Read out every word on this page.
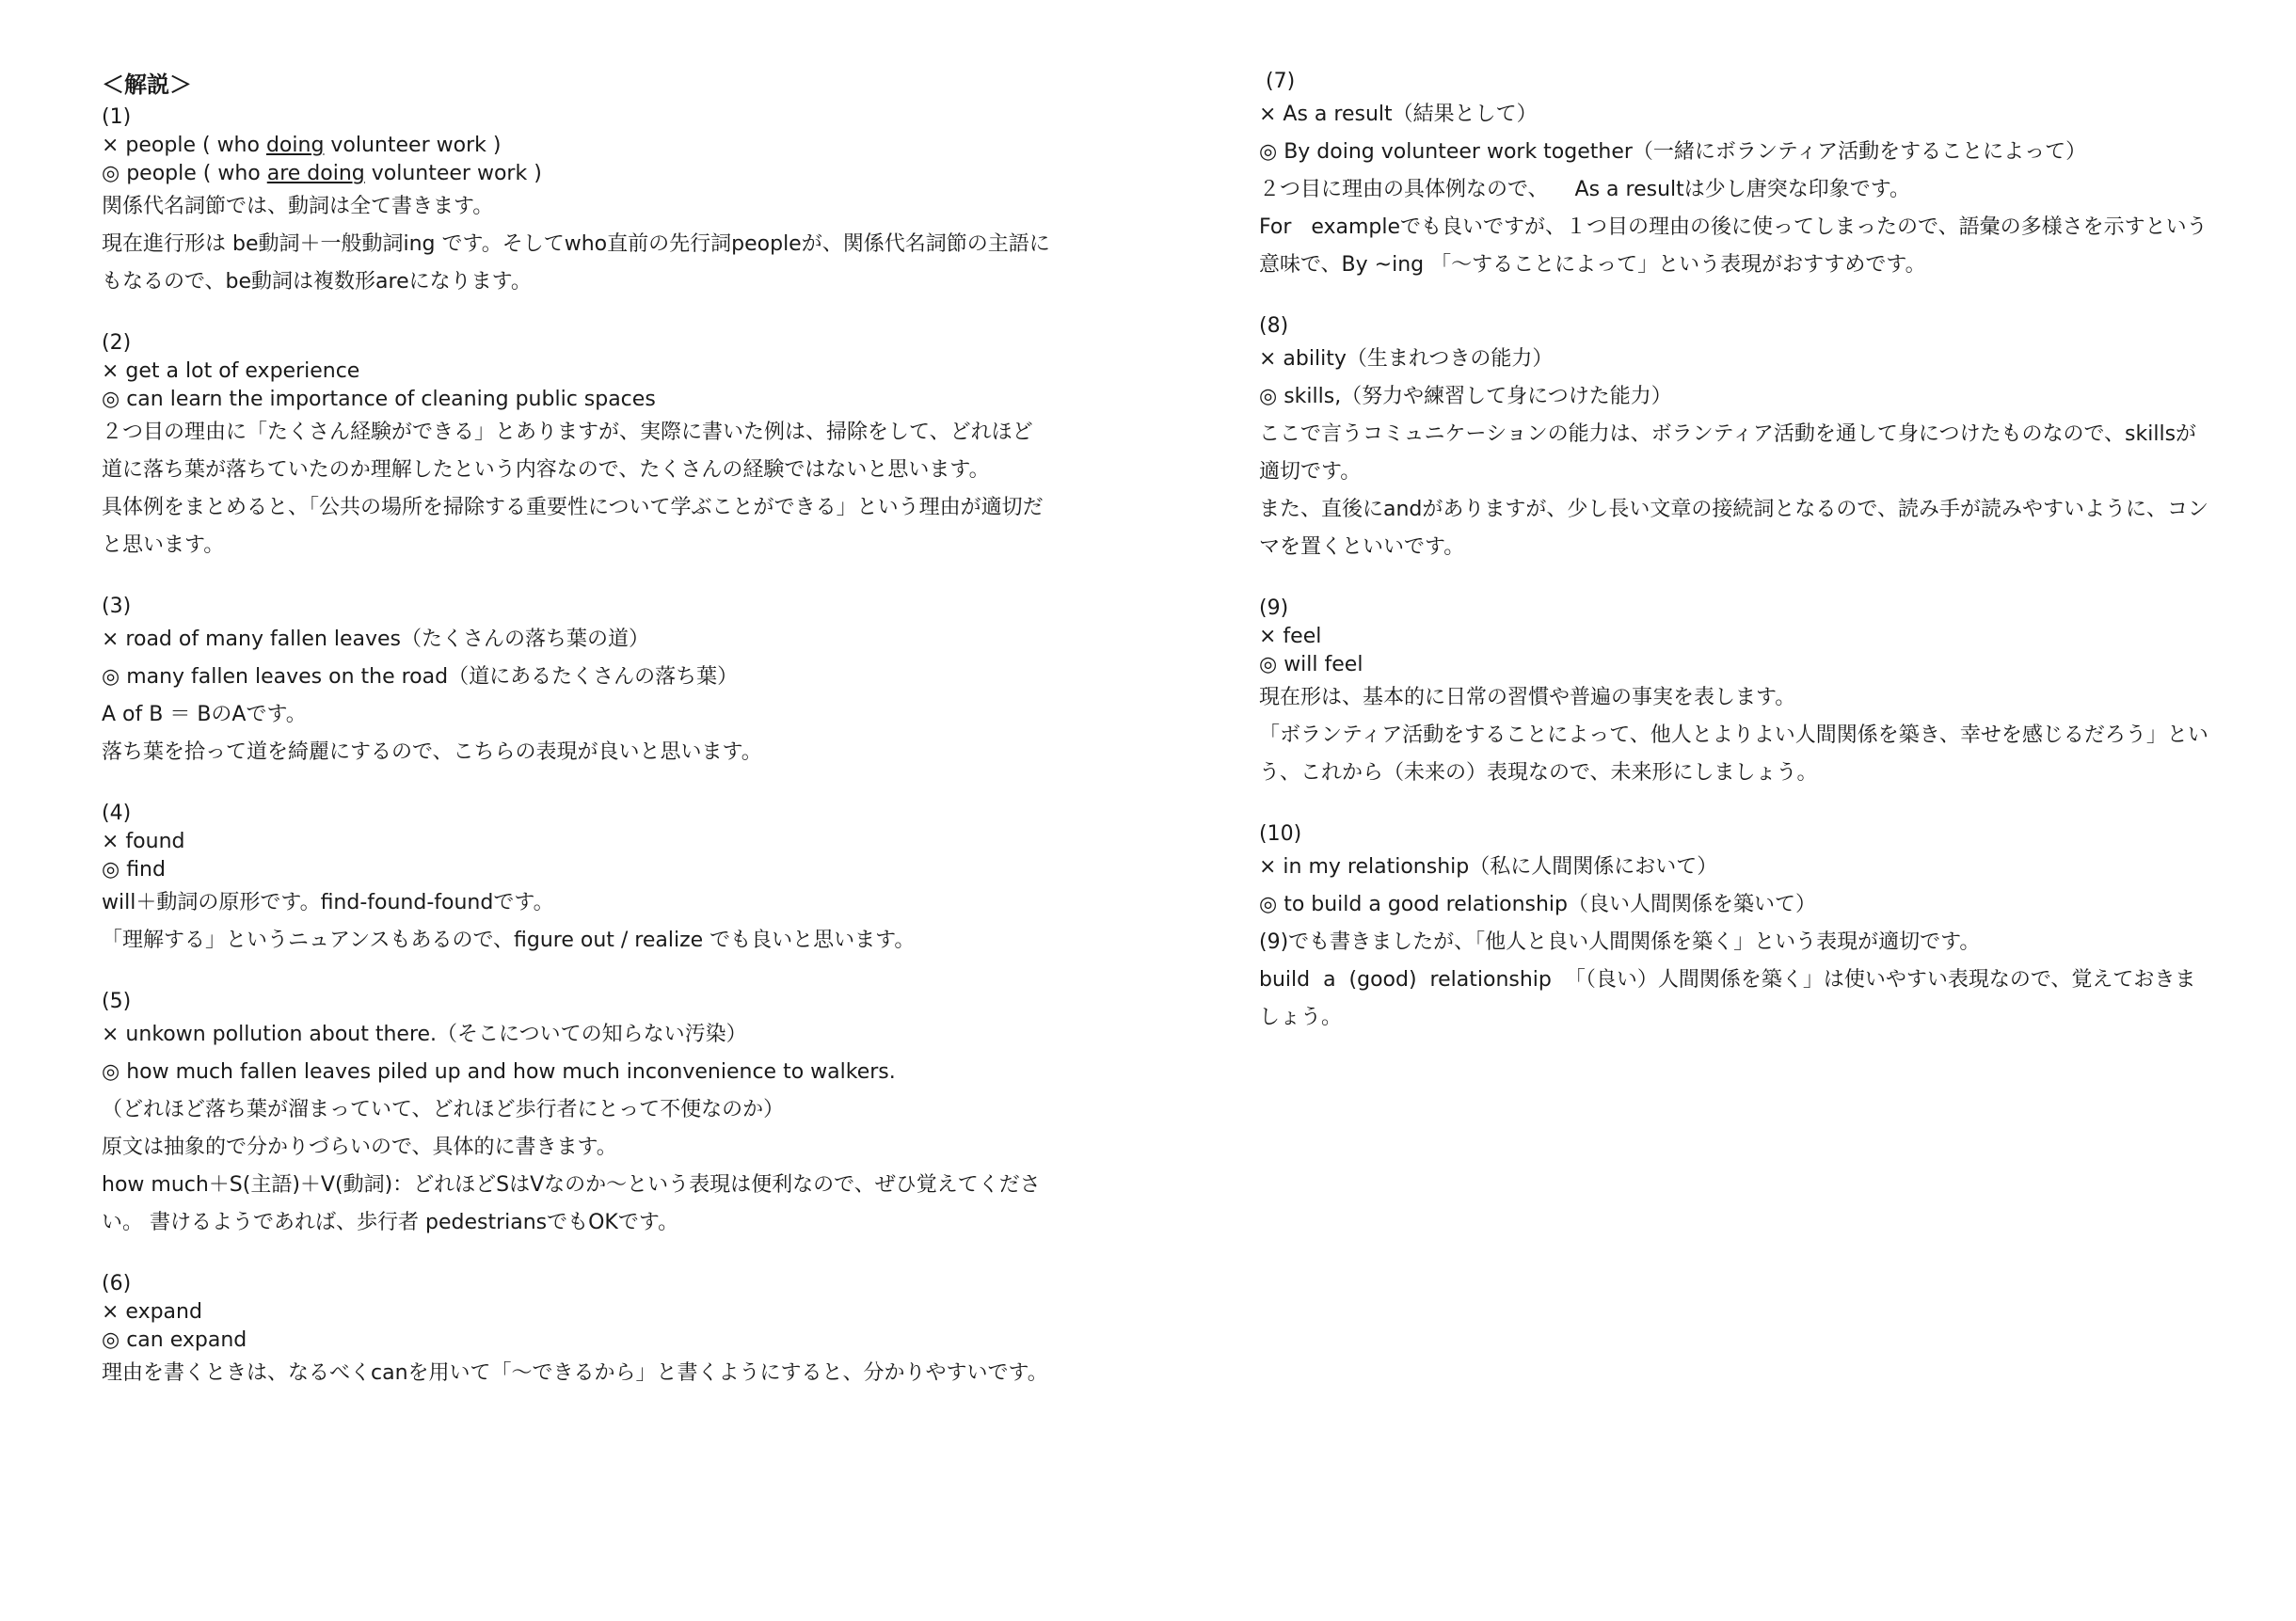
＜解説＞
(1)
× people ( who doing volunteer work )
◎ people ( who are doing volunteer work )
関係代名詞節では、動詞は全て書きます。
現在進行形は be動詞＋一般動詞ing です。そしてwho直前の先行詞peopleが、関係代名詞節の主語にもなるので、be動詞は複数形areになります。
(2)
× get a lot of experience
◎ can learn the importance of cleaning public spaces
２つ目の理由に「たくさん経験ができる」とありますが、実際に書いた例は、掃除をして、どれほど道に落ち葉が落ちていたのか理解したという内容なので、たくさんの経験ではないと思います。
具体例をまとめると、「公共の場所を掃除する重要性について学ぶことができる」という理由が適切だと思います。
(3)
× road of many fallen leaves（たくさんの落ち葉の道）
◎ many fallen leaves on the road（道にあるたくさんの落ち葉）
A of B ＝ BのAです。
落ち葉を拾って道を綺麗にするので、こちらの表現が良いと思います。
(4)
× found
◎ find
will＋動詞の原形です。find-found-foundです。
「理解する」というニュアンスもあるので、figure out / realize でも良いと思います。
(5)
× unkown pollution about there.（そこについての知らない汚染）
◎ how much fallen leaves piled up and how much inconvenience to walkers.
（どれほど落ち葉が溜まっていて、どれほど歩行者にとって不便なのか）
原文は抽象的で分かりづらいので、具体的に書きます。
how much＋S(主語)＋V(動詞)：どれほどSはVなのか〜という表現は便利なので、ぜひ覚えてください。 書けるようであれば、歩行者 pedestriansでもOKです。
(6)
× expand
◎ can expand
理由を書くときは、なるべくcanを用いて「〜できるから」と書くようにすると、分かりやすいです。
(7)
× As a result（結果として）
◎ By doing volunteer work together（一緒にボランティア活動をすることによって）
２つ目に理由の具体例なので、    As a resultは少し唐突な印象です。
For   exampleでも良いですが、１つ目の理由の後に使ってしまったので、語彙の多様さを示すという意味で、By ~ing 「〜することによって」という表現がおすすめです。
(8)
× ability（生まれつきの能力）
◎ skills,（努力や練習して身につけた能力）
ここで言うコミュニケーションの能力は、ボランティア活動を通して身につけたものなので、skillsが適切です。
また、直後にandがありますが、少し長い文章の接続詞となるので、読み手が読みやすいように、コンマを置くといいです。
(9)
× feel
◎ will feel
現在形は、基本的に日常の習慣や普遍の事実を表します。
「ボランティア活動をすることによって、他人とよりよい人間関係を築き、幸せを感じるだろう」という、これから（未来の）表現なので、未来形にしましょう。
(10)
× in my relationship（私に人間関係において）
◎ to build a good relationship（良い人間関係を築いて）
(9)でも書きましたが、「他人と良い人間関係を築く」という表現が適切です。
build  a  (good)  relationship  「（良い）人間関係を築く」は使いやすい表現なので、覚えておきましょう。
